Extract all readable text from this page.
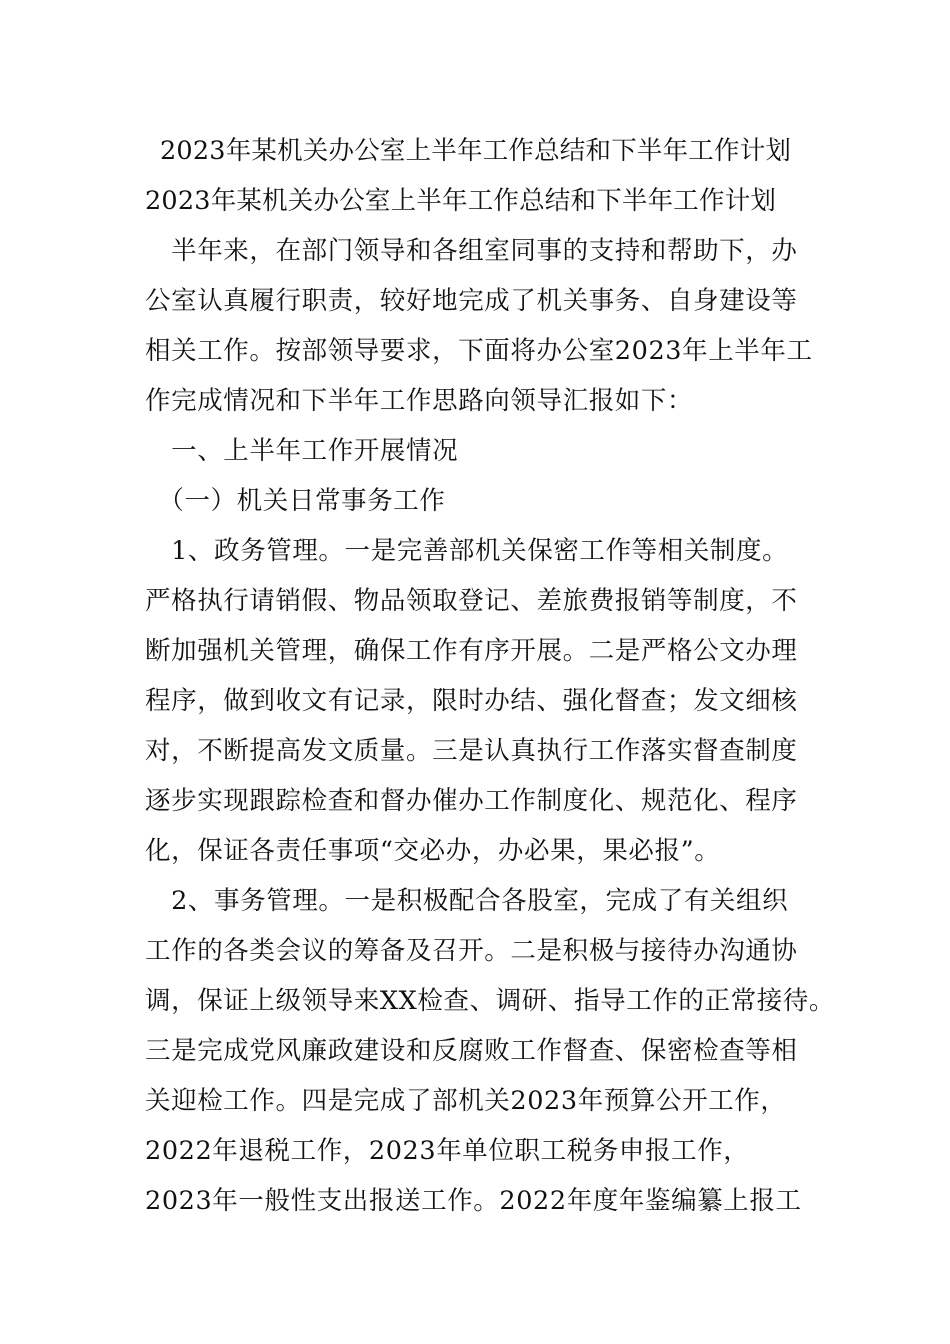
2023年某机关办公室上半年工作总结和下半年工作计划
2023年某机关办公室上半年工作总结和下半年工作计划
　半年来，在部门领导和各组室同事的支持和帮助下，办
公室认真履行职责，较好地完成了机关事务、自身建设等
相关工作。按部领导要求，下面将办公室2023年上半年工
作完成情况和下半年工作思路向领导汇报如下：
　一、上半年工作开展情况
　（一）机关日常事务工作
　1、政务管理。一是完善部机关保密工作等相关制度。
严格执行请销假、物品领取登记、差旅费报销等制度，不
断加强机关管理，确保工作有序开展。二是严格公文办理
程序，做到收文有记录，限时办结、强化督查；发文细核
对，不断提高发文质量。三是认真执行工作落实督查制度
逐步实现跟踪检查和督办催办工作制度化、规范化、程序
化，保证各责任事项“交必办，办必果，果必报”。
　2、事务管理。一是积极配合各股室，完成了有关组织
工作的各类会议的筹备及召开。二是积极与接待办沟通协
调，保证上级领导来XX检查、调研、指导工作的正常接待。
三是完成党风廉政建设和反腐败工作督查、保密检查等相
关迎检工作。四是完成了部机关2023年预算公开工作，
2022年退税工作，2023年单位职工税务申报工作，
2023年一般性支出报送工作。2022年度年鉴编纂上报工
